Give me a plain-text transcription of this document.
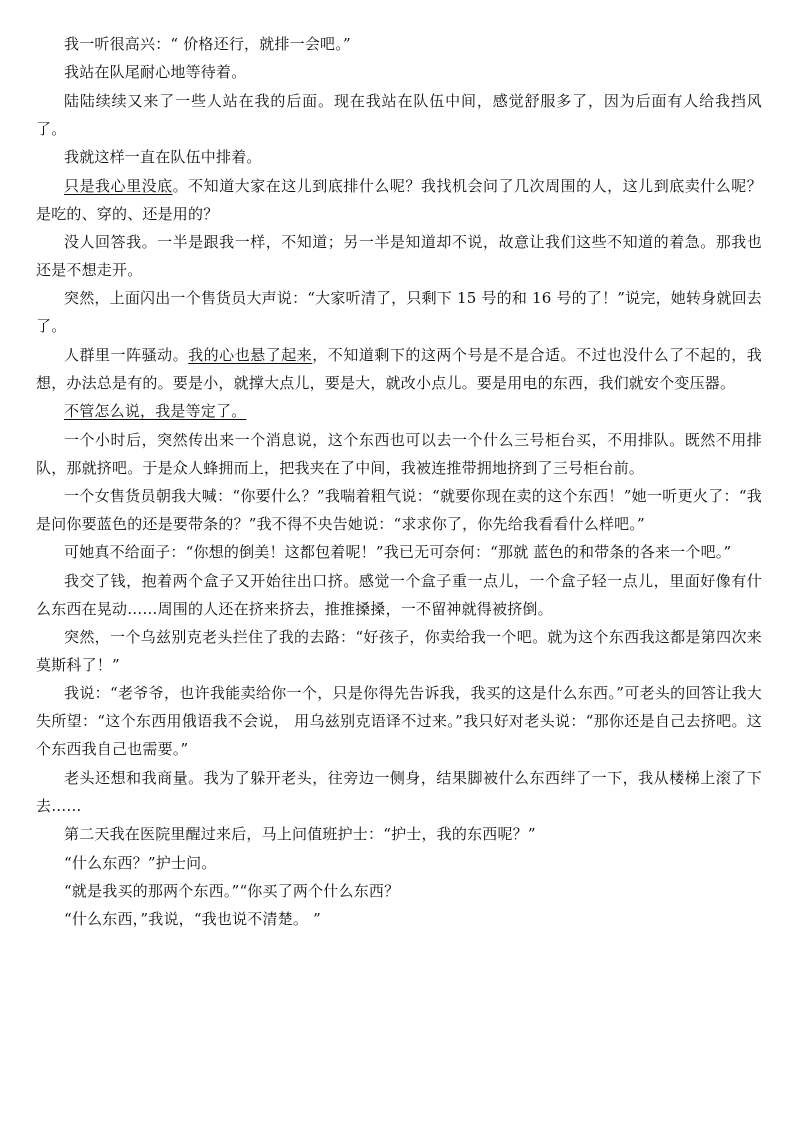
我一听很高兴：“ 价格还行，就排一会吧。”

我站在队尾耐心地等待着。

陆陆续续又来了一些人站在我的后面。现在我站在队伍中间，感觉舒服多了，因为后面有人给我挡风了。

我就这样一直在队伍中排着。

只是我心里没底。不知道大家在这儿到底排什么呢？我找机会问了几次周围的人，这儿到底卖什么呢？是吃的、穿的、还是用的？

没人回答我。一半是跟我一样，不知道；另一半是知道却不说，故意让我们这些不知道的着急。那我也还是不想走开。

突然，上面闪出一个售货员大声说：“大家听清了，只剩下 15 号的和 16 号的了！”说完，她转身就回去了。

人群里一阵骚动。我的心也悬了起来，不知道剩下的这两个号是不是合适。不过也没什么了不起的，我想，办法总是有的。要是小，就撑大点儿，要是大，就改小点儿。要是用电的东西，我们就安个变压器。

不管怎么说，我是等定了。

一个小时后，突然传出来一个消息说，这个东西也可以去一个什么三号柜台买，不用排队。既然不用排队，那就挤吧。于是众人蜂拥而上，把我夹在了中间，我被连推带拥地挤到了三号柜台前。

一个女售货员朝我大喊：“你要什么？”我喘着粗气说：“就要你现在卖的这个东西！”她一听更火了：“我是问你要蓝色的还是要带条的？”我不得不央告她说：“求求你了，你先给我看看什么样吧。”

可她真不给面子：“你想的倒美！这都包着呢！”我已无可奈何：“那就 蓝色的和带条的各来一个吧。”

我交了钱，抱着两个盒子又开始往出口挤。感觉一个盒子重一点儿，一个盒子轻一点儿，里面好像有什么东西在晃动……周围的人还在挤来挤去，推推搡搡，一不留神就得被挤倒。

突然，一个乌兹别克老头拦住了我的去路：“好孩子，你卖给我一个吧。就为这个东西我这都是第四次来莫斯科了！”

我说：“老爷爷，也许我能卖给你一个，只是你得先告诉我，我买的这是什么东西。”可老头的回答让我大失所望：“这个东西用俄语我不会说， 用乌兹别克语译不过来。”我只好对老头说：“那你还是自己去挤吧。这个东西我自己也需要。”

老头还想和我商量。我为了躲开老头，往旁边一侧身，结果脚被什么东西绊了一下，我从楼梯上滚了下去……

第二天我在医院里醒过来后，马上问值班护士：“护士，我的东西呢？”

“什么东西？”护士问。

“就是我买的那两个东西。”“你买了两个什么东西？

“什么东西，”我说，“我也说不清楚。 ”
